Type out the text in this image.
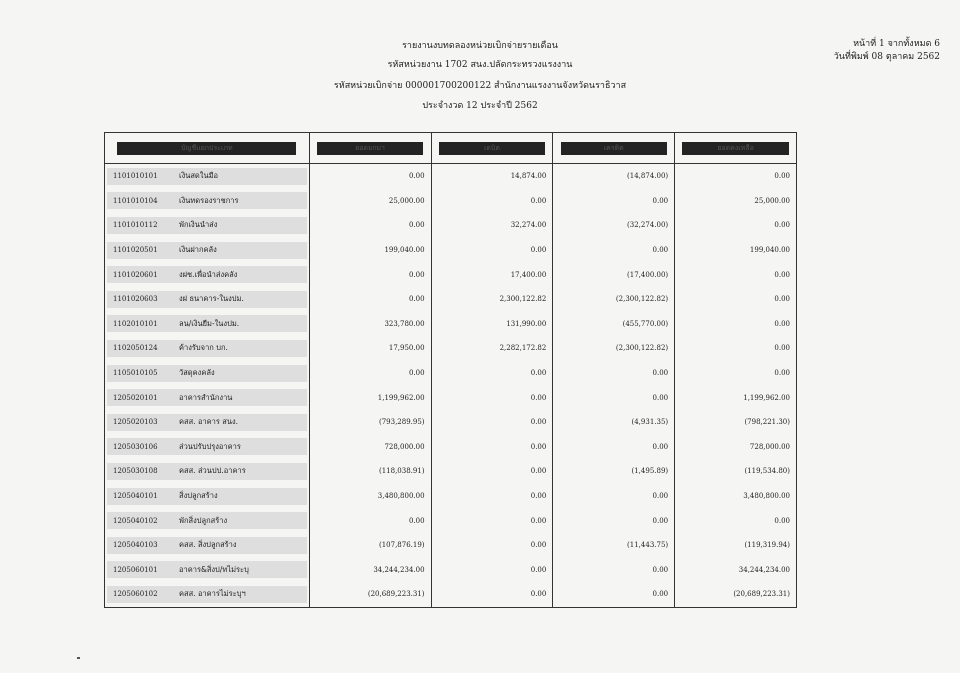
รายงานงบทดลองหน่วยเบิกจ่ายรายเดือน
รหัสหน่วยงาน 1702 สนง.ปลัดกระทรวงแรงงาน
รหัสหน่วยเบิกจ่าย 000001700200122 สำนักงานแรงงานจังหวัดนราธิวาส
ประจำงวด 12 ประจำปี 2562
หน้าที่ 1 จากทั้งหมด 6
วันที่พิมพ์ 08 ตุลาคม 2562
บัญชีแยกประเภท	ยอดยกมา	เดบิต	เครดิต	ยอดคงเหลือ

1101010101 เงินสดในมือ	0.00	14,874.00	(14,874.00)	0.00

1101010104 เงินทดรองราชการ	25,000.00	0.00	0.00	25,000.00

1101010112 พักเงินนำส่ง	0.00	32,274.00	(32,274.00)	0.00

1101020501 เงินฝากคลัง	199,040.00	0.00	0.00	199,040.00

1101020601 งฝช.เพื่อนำส่งคลัง	0.00	17,400.00	(17,400.00)	0.00

1101020603 งฝ ธนาคาร-ในงปม.	0.00	2,300,122.82	(2,300,122.82)	0.00

1102010101 ลน/เงินยืม-ในงปม.	323,780.00	131,990.00	(455,770.00)	0.00

1102050124 ค้างรับจาก บก.	17,950.00	2,282,172.82	(2,300,122.82)	0.00

1105010105 วัสดุคงคลัง	0.00	0.00	0.00	0.00

1205020101 อาคารสำนักงาน	1,199,962.00	0.00	0.00	1,199,962.00

1205020103 คสส. อาคาร สนง.	(793,289.95)	0.00	(4,931.35)	(798,221.30)

1205030106 ส่วนปรับปรุงอาคาร	728,000.00	0.00	0.00	728,000.00

1205030108 คสส. ส่วนปป.อาคาร	(118,038.91)	0.00	(1,495.89)	(119,534.80)

1205040101 สิ่งปลูกสร้าง	3,480,800.00	0.00	0.00	3,480,800.00

1205040102 พักสิ่งปลูกสร้าง	0.00	0.00	0.00	0.00

1205040103 คสส. สิ่งปลูกสร้าง	(107,876.19)	0.00	(11,443.75)	(119,319.94)

1205060101 อาคาร&สิ่งป/ทไม่ระบุ	34,244,234.00	0.00	0.00	34,244,234.00

1205060102 คสส. อาคารไม่ระบุฯ	(20,689,223.31)	0.00	0.00	(20,689,223.31)
